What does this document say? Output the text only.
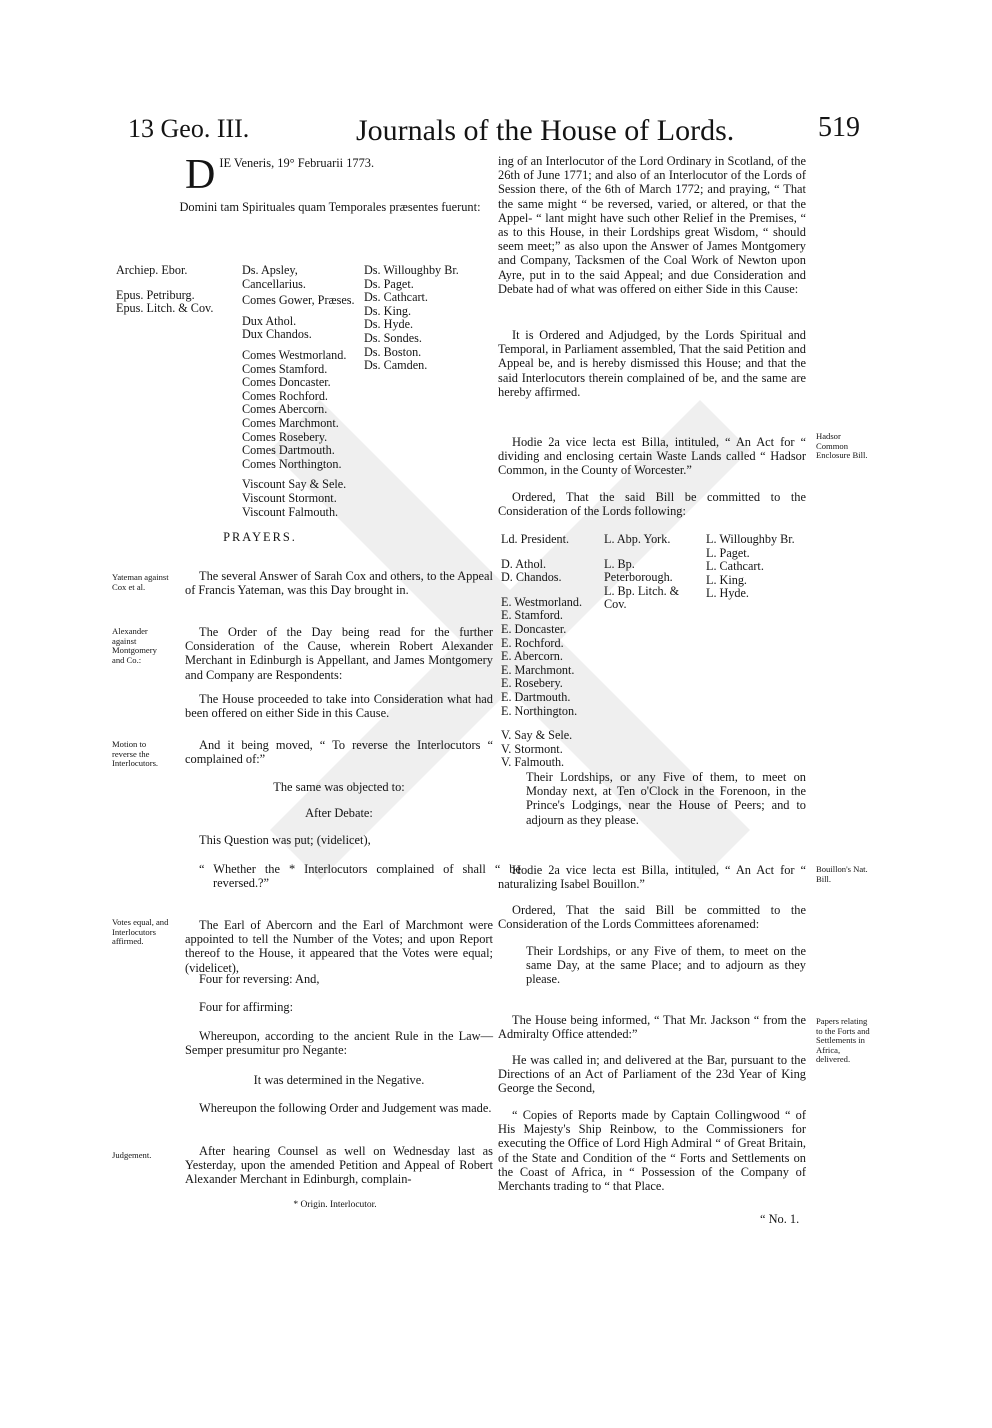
13 Geo. III.	Journals of the House of Lords.	519
D IE Veneris, 19° Februarii 1773.
Domini tam Spirituales quam Temporales præsentes fuerunt:
Archiep. Ebor.
Epus. Petriburg.
Epus. Litch. & Cov.
Ds. Apsley, Cancellarius.
Comes Gower, Præses.
Dux Athol.
Dux Chandos.
Comes Westmorland.
Comes Stamford.
Comes Doncaster.
Comes Rochford.
Comes Abercorn.
Comes Marchmont.
Comes Rosebery.
Comes Dartmouth.
Comes Northington.
Viscount Say & Sele.
Viscount Stormont.
Viscount Falmouth.
Ds. Willoughby Br.
Ds. Paget.
Ds. Cathcart.
Ds. King.
Ds. Hyde.
Ds. Sondes.
Ds. Boston.
Ds. Camden.
PRAYERS.
Yateman against Cox et al.
Alexander against Montgomery and Co.:
Motion to reverse the Interlocutors.
Votes equal, and Interlocutors affirmed.
Judgement.

The several Answer of Sarah Cox and others, to the Appeal of Francis Yateman, was this Day brought in.

The Order of the Day being read for the further Consideration of the Cause, wherein Robert Alexander Merchant in Edinburgh is Appellant, and James Montgomery and Company are Respondents:

The House proceeded to take into Consideration what had been offered on either Side in this Cause.

And it being moved, “ To reverse the Interlocutors “ complained of:”

The same was objected to:

After Debate:

This Question was put; (videlicet),

“ Whether the * Interlocutors complained of shall “ be reversed.?”

The Earl of Abercorn and the Earl of Marchmont were appointed to tell the Number of the Votes; and upon Report thereof to the House, it appeared that the Votes were equal; (videlicet),

Four for reversing: And,

Four for affirming:

Whereupon, according to the ancient Rule in the Law—Semper presumitur pro Negante:

It was determined in the Negative.

Whereupon the following Order and Judgement was made.

After hearing Counsel as well on Wednesday last as Yesterday, upon the amended Petition and Appeal of Robert Alexander Merchant in Edinburgh, complain-

* Origin. Interlocutor.

ing of an Interlocutor of the Lord Ordinary in Scotland, of the 26th of June 1771; and also of an Interlocutor of the Lords of Session there, of the 6th of March 1772; and praying, “ That the same might “ be reversed, varied, or altered, or that the Appel- “ lant might have such other Relief in the Premises, “ as to this House, in their Lordships great Wisdom, “ should seem meet;” as also upon the Answer of James Montgomery and Company, Tacksmen of the Coal Work of Newton upon Ayre, put in to the said Appeal; and due Consideration and Debate had of what was offered on either Side in this Cause:

It is Ordered and Adjudged, by the Lords Spiritual and Temporal, in Parliament assembled, That the said Petition and Appeal be, and is hereby dismissed this House; and that the said Interlocutors therein complained of be, and the same are hereby affirmed.

Hodie 2a vice lecta est Billa, intituled, “ An Act for “ dividing and enclosing certain Waste Lands called “ Hadsor Common, in the County of Worcester.”

Ordered, That the said Bill be committed to the Consideration of the Lords following:

Ld. President.
D. Athol.
D. Chandos.
E. Westmorland.
E. Stamford.
E. Doncaster.
E. Rochford.
E. Abercorn.
E. Marchmont.
E. Rosebery.
E. Dartmouth.
E. Northington.
V. Say & Sele.
V. Stormont.
V. Falmouth.
L. Abp. York.
L. Bp. Peterborough.
L. Bp. Litch. & Cov.
L. Willoughby Br.
L. Paget.
L. Cathcart.
L. King.
L. Hyde.

Their Lordships, or any Five of them, to meet on Monday next, at Ten o'Clock in the Forenoon, in the Prince's Lodgings, near the House of Peers; and to adjourn as they please.

Hodie 2a vice lecta est Billa, intituled, “ An Act for “ naturalizing Isabel Bouillon.”

Ordered, That the said Bill be committed to the Consideration of the Lords Committees aforenamed:

Their Lordships, or any Five of them, to meet on the same Day, at the same Place; and to adjourn as they please.

The House being informed, “ That Mr. Jackson “ from the Admiralty Office attended:”

He was called in; and delivered at the Bar, pursuant to the Directions of an Act of Parliament of the 23d Year of King George the Second,

“ Copies of Reports made by Captain Collingwood “ of His Majesty's Ship Reinbow, to the Commissioners for executing the Office of Lord High Admiral “ of Great Britain, of the State and Condition of the “ Forts and Settlements on the Coast of Africa, in “ Possession of the Company of Merchants trading to “ that Place.

“ No. 1.

Hadsor Common Enclosure Bill.
Bouillon's Nat. Bill.
Papers relating to the Forts and Settlements in Africa, delivered.
